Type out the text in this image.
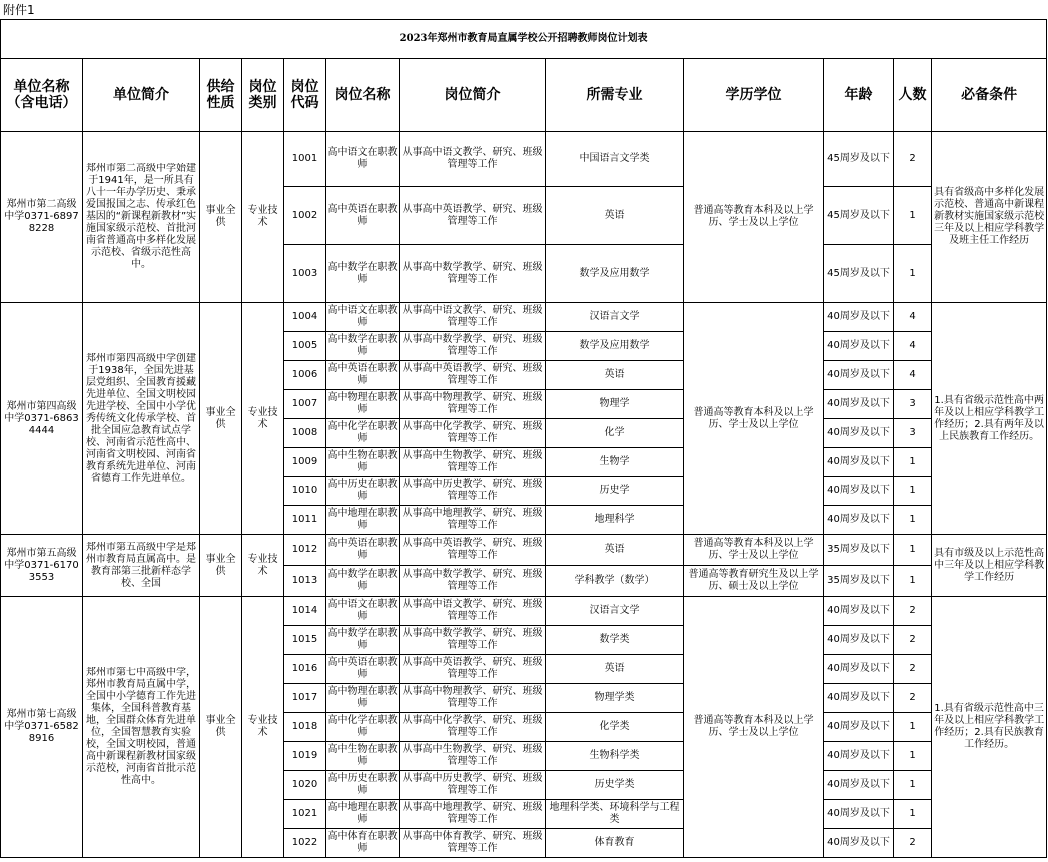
附件1
2023年郑州市教育局直属学校公开招聘教师岗位计划表											
单位名称（含电话）	单位简介	供给性质	岗位类别	岗位代码	岗位名称	岗位简介	所需专业	学历学位	年龄	人数	必备条件
郑州市第二高级中学0371-68978228	郑州市第二高级中学始建于1941年，是一所具有八十一年办学历史、秉承爱国报国之志、传承红色基因的“新课程新教材”实施国家级示范校、首批河南省普通高中多样化发展示范校、省级示范性高中。	事业全供	专业技术	1001	高中语文在职教师	从事高中语文教学、研究、班级管理等工作	中国语言文学类	普通高等教育本科及以上学历、学士及以上学位	45周岁及以下	2	具有省级高中多样化发展示范校、普通高中新课程新教材实施国家级示范校三年及以上相应学科教学及班主任工作经历
				1002	高中英语在职教师	从事高中英语教学、研究、班级管理等工作	英语		45周岁及以下	1	
				1003	高中数学在职教师	从事高中数学教学、研究、班级管理等工作	数学及应用数学		45周岁及以下	1	
郑州市第四高级中学0371-68634444	郑州市第四高级中学创建于1938年，全国先进基层党组织、全国教育援藏先进单位、全国文明校园先进学校、全国中小学优秀传统文化传承学校、首批全国应急教育试点学校、河南省示范性高中、河南省文明校园、河南省教育系统先进单位、河南省德育工作先进单位。	事业全供	专业技术	1004	高中语文在职教师	从事高中语文教学、研究、班级管理等工作	汉语言文学	普通高等教育本科及以上学历、学士及以上学位	40周岁及以下	4	1.具有省级示范性高中两年及以上相应学科教学工作经历；2.具有两年及以上民族教育工作经历。
				1005	高中数学在职教师	从事高中数学教学、研究、班级管理等工作	数学及应用数学		40周岁及以下	4	
				1006	高中英语在职教师	从事高中英语教学、研究、班级管理等工作	英语		40周岁及以下	4	
				1007	高中物理在职教师	从事高中物理教学、研究、班级管理等工作	物理学		40周岁及以下	3	
				1008	高中化学在职教师	从事高中化学教学、研究、班级管理等工作	化学		40周岁及以下	3	
				1009	高中生物在职教师	从事高中生物教学、研究、班级管理等工作	生物学		40周岁及以下	1	
				1010	高中历史在职教师	从事高中历史教学、研究、班级管理等工作	历史学		40周岁及以下	1	
				1011	高中地理在职教师	从事高中地理教学、研究、班级管理等工作	地理科学		40周岁及以下	1	
郑州市第五高级中学0371-61703553	郑州市第五高级中学是郑州市教育局直属高中。是教育部第三批新样态学校、全国	事业全供	专业技术	1012	高中英语在职教师	从事高中英语教学、研究、班级管理等工作	英语	普通高等教育本科及以上学历、学士及以上学位	35周岁及以下	1	具有市级及以上示范性高中三年及以上相应学科教学工作经历
				1013	高中数学在职教师	从事高中数学教学、研究、班级管理等工作	学科教学（数学）	普通高等教育研究生及以上学历、硕士及以上学位	35周岁及以下	1	
郑州市第七高级中学0371-65828916	郑州市第七中高级中学，郑州市教育局直属中学，全国中小学德育工作先进集体，全国科普教育基地，全国群众体育先进单位，全国智慧教育实验校，全国文明校园，普通高中新课程新教材国家级示范校，河南省首批示范性高中。	事业全供	专业技术	1014	高中语文在职教师	从事高中语文教学、研究、班级管理等工作	汉语言文学	普通高等教育本科及以上学历、学士及以上学位	40周岁及以下	2	1.具有省级示范性高中三年及以上相应学科教学工作经历；2.具有民族教育工作经历。
				1015	高中数学在职教师	从事高中数学教学、研究、班级管理等工作	数学类		40周岁及以下	2	
				1016	高中英语在职教师	从事高中英语教学、研究、班级管理等工作	英语		40周岁及以下	2	
				1017	高中物理在职教师	从事高中物理教学、研究、班级管理等工作	物理学类		40周岁及以下	2	
				1018	高中化学在职教师	从事高中化学教学、研究、班级管理等工作	化学类		40周岁及以下	1	
				1019	高中生物在职教师	从事高中生物教学、研究、班级管理等工作	生物科学类		40周岁及以下	1	
				1020	高中历史在职教师	从事高中历史教学、研究、班级管理等工作	历史学类		40周岁及以下	1	
				1021	高中地理在职教师	从事高中地理教学、研究、班级管理等工作	地理科学类、环境科学与工程类		40周岁及以下	1	
				1022	高中体育在职教师	从事高中体育教学、研究、班级管理等工作	体育教育		40周岁及以下	2	
